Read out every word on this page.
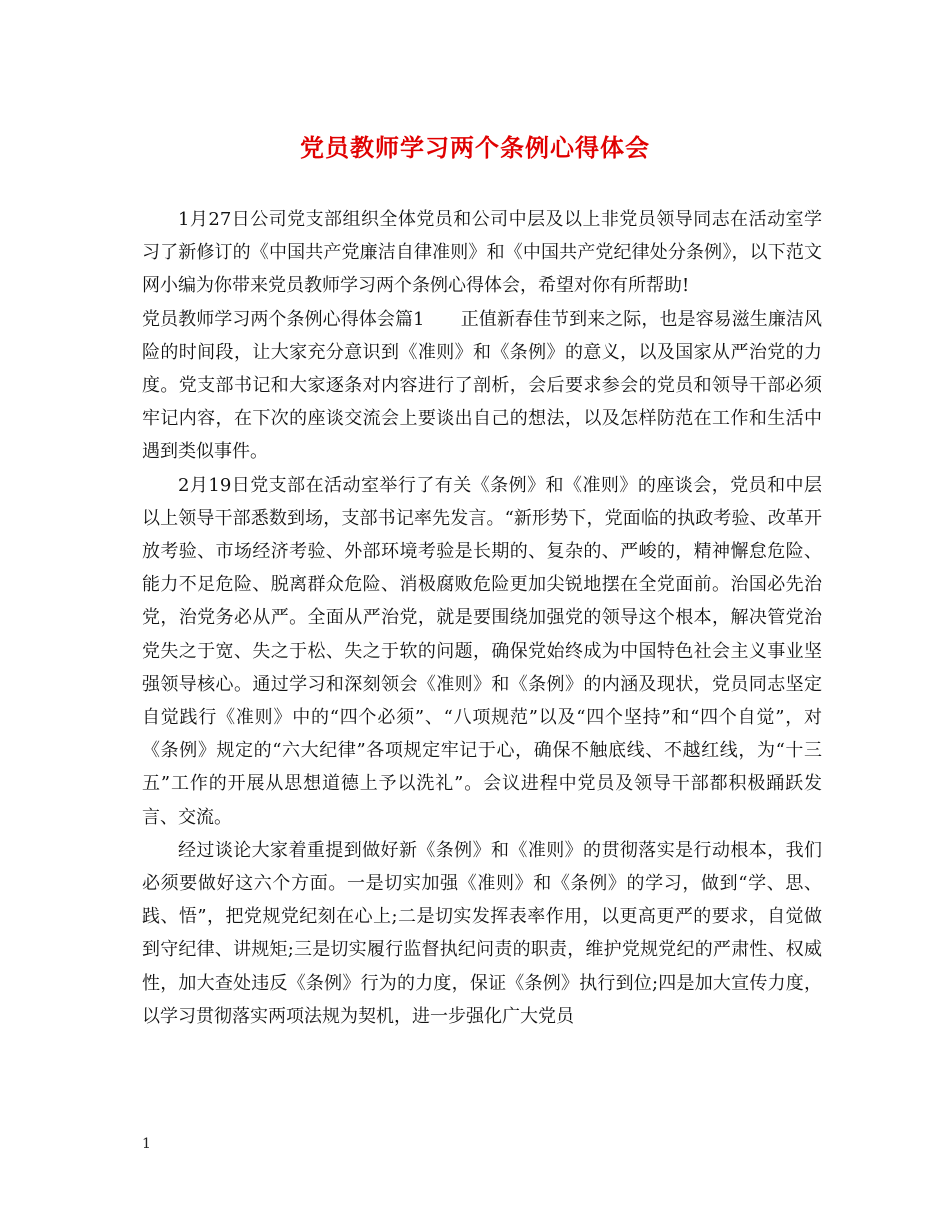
党员教师学习两个条例心得体会

1月27日公司党支部组织全体党员和公司中层及以上非党员领导同志在活动室学习了新修订的《中国共产党廉洁自律准则》和《中国共产党纪律处分条例》，以下范文网小编为你带来党员教师学习两个条例心得体会，希望对你有所帮助!

党员教师学习两个条例心得体会篇1　　正值新春佳节到来之际，也是容易滋生廉洁风险的时间段，让大家充分意识到《准则》和《条例》的意义，以及国家从严治党的力度。党支部书记和大家逐条对内容进行了剖析，会后要求参会的党员和领导干部必须牢记内容，在下次的座谈交流会上要谈出自己的想法，以及怎样防范在工作和生活中遇到类似事件。

2月19日党支部在活动室举行了有关《条例》和《准则》的座谈会，党员和中层以上领导干部悉数到场，支部书记率先发言。“新形势下，党面临的执政考验、改革开放考验、市场经济考验、外部环境考验是长期的、复杂的、严峻的，精神懈怠危险、能力不足危险、脱离群众危险、消极腐败危险更加尖锐地摆在全党面前。治国必先治党，治党务必从严。全面从严治党，就是要围绕加强党的领导这个根本，解决管党治党失之于宽、失之于松、失之于软的问题，确保党始终成为中国特色社会主义事业坚强领导核心。通过学习和深刻领会《准则》和《条例》的内涵及现状，党员同志坚定自觉践行《准则》中的“四个必须”、“八项规范”以及“四个坚持”和“四个自觉”，对《条例》规定的“六大纪律”各项规定牢记于心，确保不触底线、不越红线，为“十三五”工作的开展从思想道德上予以洗礼”。会议进程中党员及领导干部都积极踊跃发言、交流。

经过谈论大家着重提到做好新《条例》和《准则》的贯彻落实是行动根本，我们必须要做好这六个方面。一是切实加强《准则》和《条例》的学习，做到“学、思、践、悟”，把党规党纪刻在心上;二是切实发挥表率作用，以更高更严的要求，自觉做到守纪律、讲规矩;三是切实履行监督执纪问责的职责，维护党规党纪的严肃性、权威性，加大查处违反《条例》行为的力度，保证《条例》执行到位;四是加大宣传力度，以学习贯彻落实两项法规为契机，进一步强化广大党员

1
